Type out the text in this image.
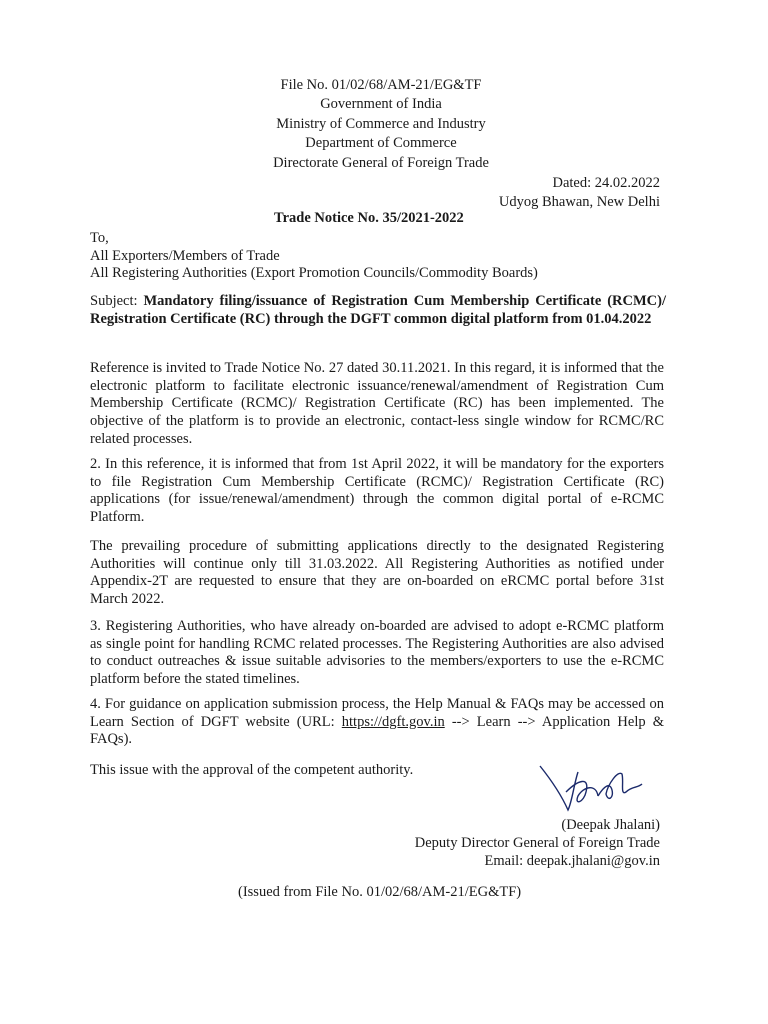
File No. 01/02/68/AM-21/EG&TF
Government of India
Ministry of Commerce and Industry
Department of Commerce
Directorate General of Foreign Trade
Dated: 24.02.2022
Udyog Bhawan, New Delhi
Trade Notice No. 35/2021-2022
To,
All Exporters/Members of Trade
All Registering Authorities (Export Promotion Councils/Commodity Boards)
Subject: Mandatory filing/issuance of Registration Cum Membership Certificate (RCMC)/ Registration Certificate (RC) through the DGFT common digital platform from 01.04.2022
Reference is invited to Trade Notice No. 27 dated 30.11.2021. In this regard, it is informed that the electronic platform to facilitate electronic issuance/renewal/amendment of Registration Cum Membership Certificate (RCMC)/ Registration Certificate (RC) has been implemented. The objective of the platform is to provide an electronic, contact-less single window for RCMC/RC related processes.
2. In this reference, it is informed that from 1st April 2022, it will be mandatory for the exporters to file Registration Cum Membership Certificate (RCMC)/ Registration Certificate (RC) applications (for issue/renewal/amendment) through the common digital portal of e-RCMC Platform.
The prevailing procedure of submitting applications directly to the designated Registering Authorities will continue only till 31.03.2022. All Registering Authorities as notified under Appendix-2T are requested to ensure that they are on-boarded on eRCMC portal before 31st March 2022.
3. Registering Authorities, who have already on-boarded are advised to adopt e-RCMC platform as single point for handling RCMC related processes. The Registering Authorities are also advised to conduct outreaches & issue suitable advisories to the members/exporters to use the e-RCMC platform before the stated timelines.
4. For guidance on application submission process, the Help Manual & FAQs may be accessed on Learn Section of DGFT website (URL: https://dgft.gov.in --> Learn --> Application Help & FAQs).
This issue with the approval of the competent authority.
(Deepak Jhalani)
Deputy Director General of Foreign Trade
Email: deepak.jhalani@gov.in
(Issued from File No. 01/02/68/AM-21/EG&TF)
